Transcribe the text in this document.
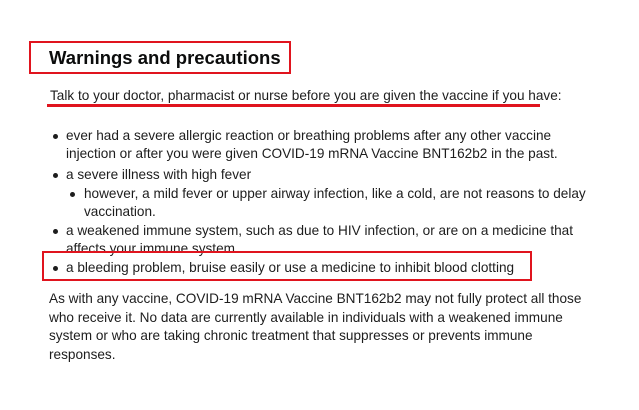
Warnings and precautions
Talk to your doctor, pharmacist or nurse before you are given the vaccine if you have:
ever had a severe allergic reaction or breathing problems after any other vaccine
injection or after you were given COVID-19 mRNA Vaccine BNT162b2 in the past.
a severe illness with high fever
however, a mild fever or upper airway infection, like a cold, are not reasons to delay
vaccination.
a weakened immune system, such as due to HIV infection, or are on a medicine that
affects your immune system
a bleeding problem, bruise easily or use a medicine to inhibit blood clotting
As with any vaccine, COVID-19 mRNA Vaccine BNT162b2 may not fully protect all those
who receive it. No data are currently available in individuals with a weakened immune
system or who are taking chronic treatment that suppresses or prevents immune
responses.
